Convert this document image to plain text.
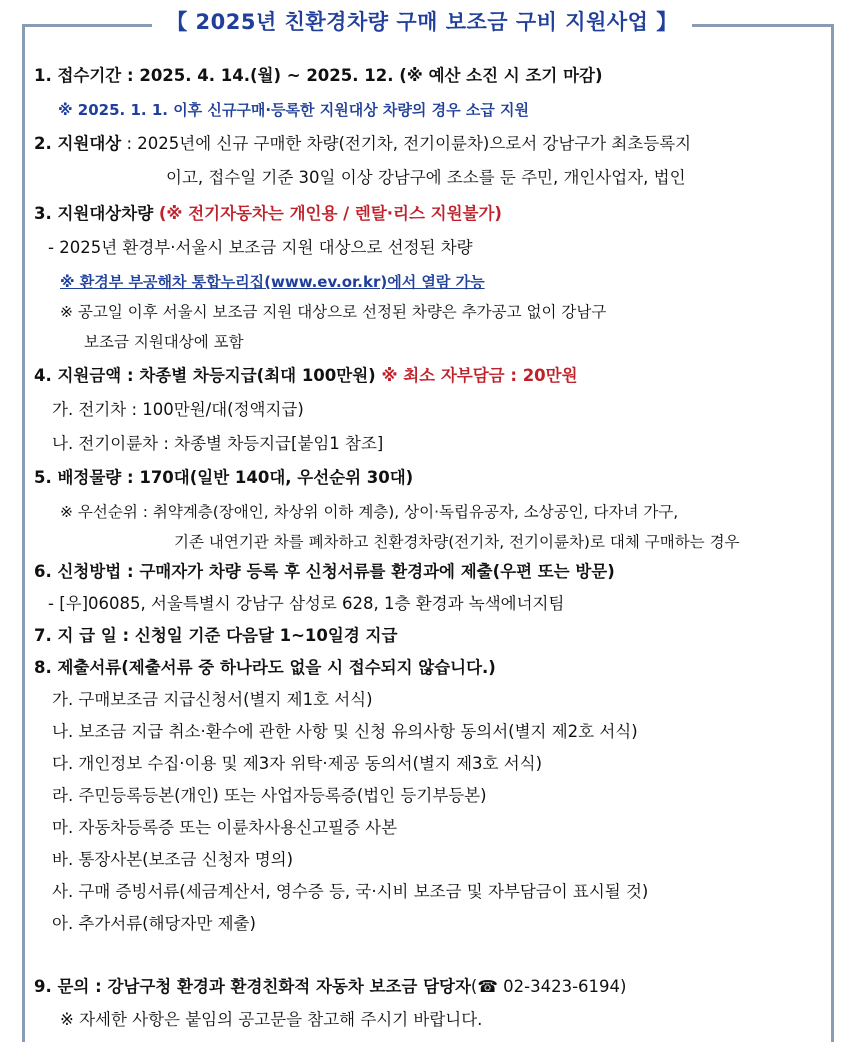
【 2025년 친환경차량 구매 보조금 구비 지원사업 】
1. 접수기간 : 2025. 4. 14.(월) ~ 2025. 12. (※ 예산 소진 시 조기 마감)
※ 2025. 1. 1. 이후 신규구매·등록한 지원대상 차량의 경우 소급 지원
2. 지원대상 : 2025년에 신규 구매한 차량(전기차, 전기이륜차)으로서 강남구가 최초등록지
이고, 접수일 기준 30일 이상 강남구에 조소를 둔 주민, 개인사업자, 법인
3. 지원대상차량 (※ 전기자동차는 개인용 / 렌탈·리스 지원불가)
- 2025년 환경부·서울시 보조금 지원 대상으로 선정된 차량
※ 환경부 부공해차 통합누리집(www.ev.or.kr)에서 열람 가능
※ 공고일 이후 서울시 보조금 지원 대상으로 선정된 차량은 추가공고 없이 강남구
보조금 지원대상에 포함
4. 지원금액 : 차종별 차등지급(최대 100만원) ※ 최소 자부담금 : 20만원
가. 전기차 : 100만원/대(정액지급)
나. 전기이륜차 : 차종별 차등지급[붙임1 참조]
5. 배정물량 : 170대(일반 140대, 우선순위 30대)
※ 우선순위 : 취약계층(장애인, 차상위 이하 계층), 상이·독립유공자, 소상공인, 다자녀 가구,
기존 내연기관 차를 폐차하고 친환경차량(전기차, 전기이륜차)로 대체 구매하는 경우
6. 신청방법 : 구매자가 차량 등록 후 신청서류를 환경과에 제출(우편 또는 방문)
- [우]06085, 서울특별시 강남구 삼성로 628, 1층 환경과 녹색에너지팀
7. 지 급 일 : 신청일 기준 다음달 1~10일경 지급
8. 제출서류(제출서류 중 하나라도 없을 시 접수되지 않습니다.)
가. 구매보조금 지급신청서(별지 제1호 서식)
나. 보조금 지급 취소·환수에 관한 사항 및 신청 유의사항 동의서(별지 제2호 서식)
다. 개인정보 수집·이용 및 제3자 위탁·제공 동의서(별지 제3호 서식)
라. 주민등록등본(개인) 또는 사업자등록증(법인 등기부등본)
마. 자동차등록증 또는 이륜차사용신고필증 사본
바. 통장사본(보조금 신청자 명의)
사. 구매 증빙서류(세금계산서, 영수증 등, 국·시비 보조금 및 자부담금이 표시될 것)
아. 추가서류(해당자만 제출)
9. 문의 : 강남구청 환경과 환경친화적 자동차 보조금 담당자(☎ 02-3423-6194)
※ 자세한 사항은 붙임의 공고문을 참고해 주시기 바랍니다.
